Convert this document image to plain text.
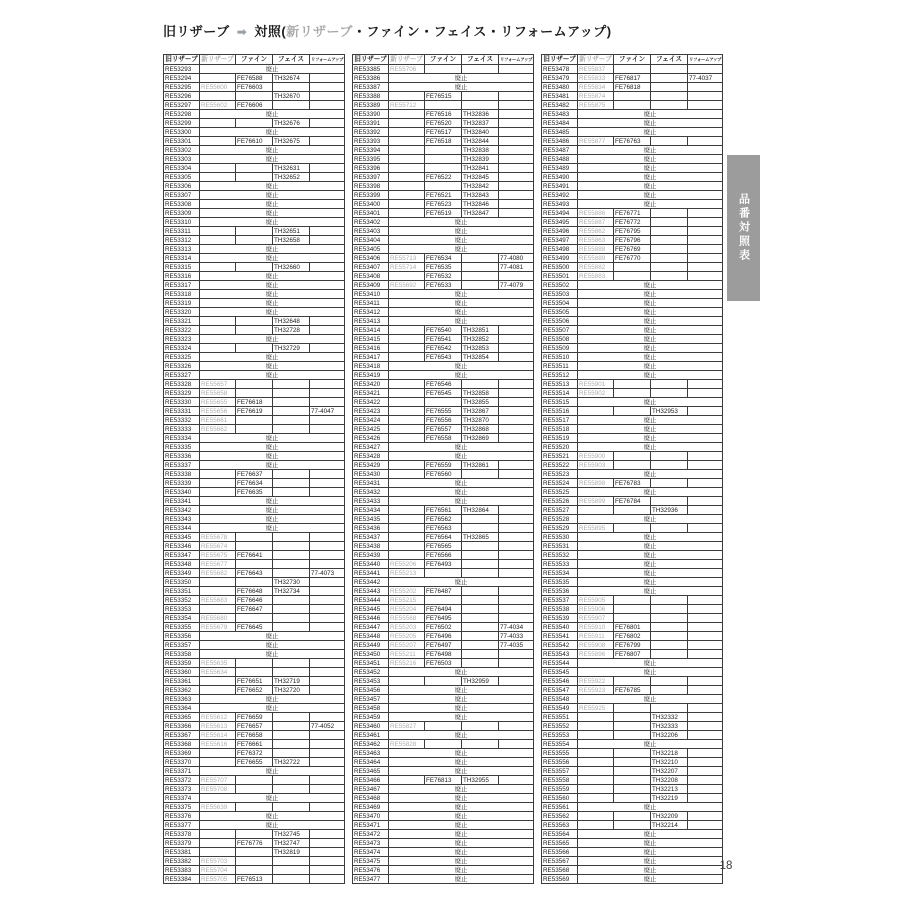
旧リザーブ ➡ 対照(新リザーブ・ファイン・フェイス・リフォームアップ)
旧リザーブ	新リザーブ	ファイン	フェイス	リフォームアップ
RE53293	廃止			
RE53294		FE76588	TH32674	
RE53295	RE55600	FE76603		
RE53296			TH32670	
RE53297	RE55602	FE76606		
RE53298	廃止			
RE53299			TH32676	
RE53300	廃止			
RE53301		FE76610	TH32675	
RE53302	廃止			
RE53303	廃止			
RE53304			TH32631	
RE53305			TH32652	
RE53306	廃止			
RE53307	廃止			
RE53308	廃止			
RE53309	廃止			
RE53310	廃止			
RE53311			TH32651	
RE53312			TH32658	
RE53313	廃止			
RE53314	廃止			
RE53315			TH32660	
RE53316	廃止			
RE53317	廃止			
RE53318	廃止			
RE53319	廃止			
RE53320	廃止			
RE53321			TH32648	
RE53322			TH32728	
RE53323	廃止			
RE53324			TH32729	
RE53325	廃止			
RE53326	廃止			
RE53327	廃止			
RE53328	RE55657			
RE53329	RE55658			
RE53330	RE55655	FE76618		
RE53331	RE55656	FE76619		77-4047
RE53332	RE55661			
RE53333	RE55662			
RE53334	廃止			
RE53335	廃止			
RE53336	廃止			
RE53337	廃止			
RE53338		FE76637		
RE53339		FE76634		
RE53340		FE76635		
RE53341	廃止			
RE53342	廃止			
RE53343	廃止			
RE53344	廃止			
RE53345	RE55678			
RE53346	RE55674			
RE53347	RE55675	FE76641		
RE53348	RE55677			
RE53349	RE55682	FE76643		77-4073
RE53350			TH32730	
RE53351		FE76648	TH32734	
RE53352	RE55683	FE76646		
RE53353		FE76647		
RE53354	RE55680			
RE53355	RE55679	FE76645		
RE53356	廃止			
RE53357	廃止			
RE53358	廃止			
RE53359	RE55635			
RE53360	RE55634			
RE53361		FE76651	TH32719	
RE53362		FE76652	TH32720	
RE53363	廃止			
RE53364	廃止			
RE53365	RE55612	FE76659		
RE53366	RE55613	FE76657		77-4052
RE53367	RE55614	FE76658		
RE53368	RE55616	FE76661		
RE53369		FE76372		
RE53370		FE76655	TH32722	
RE53371	廃止			
RE53372	RE55707			
RE53373	RE55708			
RE53374	廃止			
RE53375	RE55639			
RE53376	廃止			
RE53377	廃止			
RE53378			TH32745	
RE53379		FE76776	TH32747	
RE53381			TH32819	
RE53382	RE55703			
RE53383	RE55704			
RE53384	RE55705	FE76513		
旧リザーブ	新リザーブ	ファイン	フェイス	リフォームアップ
RE53385	RE55706			
RE53386	廃止			
RE53387	廃止			
RE53388		FE76515		
RE53389	RE55712			
RE53390		FE76516	TH32836	
RE53391		FE76520	TH32837	
RE53392		FE76517	TH32840	
RE53393		FE76518	TH32844	
RE53394			TH32838	
RE53395			TH32839	
RE53396			TH32841	
RE53397		FE76522	TH32845	
RE53398			TH32842	
RE53399		FE76521	TH32843	
RE53400		FE76523	TH32846	
RE53401		FE76519	TH32847	
RE53402	廃止			
RE53403	廃止			
RE53404	廃止			
RE53405	廃止			
RE53406	RE55713	FE76534		77-4080
RE53407	RE55714	FE76535		77-4081
RE53408		FE76532		
RE53409	RE55692	FE76533		77-4079
RE53410	廃止			
RE53411	廃止			
RE53412	廃止			
RE53413	廃止			
RE53414		FE76540	TH32851	
RE53415		FE76541	TH32852	
RE53416		FE76542	TH32853	
RE53417		FE76543	TH32854	
RE53418	廃止			
RE53419	廃止			
RE53420		FE76546		
RE53421		FE76545	TH32858	
RE53422			TH32855	
RE53423		FE76555	TH32867	
RE53424		FE76556	TH32870	
RE53425		FE76557	TH32868	
RE53426		FE76558	TH32869	
RE53427	廃止			
RE53428	廃止			
RE53429		FE76559	TH32861	
RE53430		FE76560		
RE53431	廃止			
RE53432	廃止			
RE53433	廃止			
RE53434		FE76561	TH32864	
RE53435		FE76562		
RE53436		FE76563		
RE53437		FE76564	TH32865	
RE53438		FE76565		
RE53439		FE76566		
RE53440	RE55206	FE76493		
RE53441	RE55213			
RE53442	廃止			
RE53443	RE55202	FE76487		
RE53444	RE55215			
RE53445	RE55204	FE76494		
RE53446	RE55568	FE76495		
RE53447	RE55203	FE76502		77-4034
RE53448	RE55205	FE76496		77-4033
RE53449	RE55207	FE76497		77-4035
RE53450	RE55211	FE76498		
RE53451	RE55216	FE76503		
RE53452	廃止			
RE53453			TH32959	
RE53456	廃止			
RE53457	廃止			
RE53458	廃止			
RE53459	廃止			
RE53460	RE55827			
RE53461	廃止			
RE53462	RE55828			
RE53463	廃止			
RE53464	廃止			
RE53465	廃止			
RE53466		FE76813	TH32955	
RE53467	廃止			
RE53468	廃止			
RE53469	廃止			
RE53470	廃止			
RE53471	廃止			
RE53472	廃止			
RE53473	廃止			
RE53474	廃止			
RE53475	廃止			
RE53476	廃止			
RE53477	廃止			
旧リザーブ	新リザーブ	ファイン	フェイス	リフォームアップ
RE53478	RE55837			
RE53479	RE55833	FE76817		77-4037
RE53480	RE55834	FE76818		
RE53481	RE55874			
RE53482	RE55875			
RE53483	廃止			
RE53484	廃止			
RE53485	廃止			
RE53486	RE55877	FE76763		
RE53487	廃止			
RE53488	廃止			
RE53489	廃止			
RE53490	廃止			
RE53491	廃止			
RE53492	廃止			
RE53493	廃止			
RE53494	RE55886	FE76771		
RE53495	RE55887	FE76772		
RE53496	RE55862	FE76795		
RE53497	RE55863	FE76796		
RE53498	RE55888	FE76769		
RE53499	RE55889	FE76770		
RE53500	RE55882			
RE53501	RE55883			
RE53502	廃止			
RE53503	廃止			
RE53504	廃止			
RE53505	廃止			
RE53506	廃止			
RE53507	廃止			
RE53508	廃止			
RE53509	廃止			
RE53510	廃止			
RE53511	廃止			
RE53512	廃止			
RE53513	RE55901			
RE53514	RE55902			
RE53515	廃止			
RE53516			TH32953	
RE53517	廃止			
RE53518	廃止			
RE53519	廃止			
RE53520	廃止			
RE53521	RE55900			
RE53522	RE55903			
RE53523	廃止			
RE53524	RE55898	FE76783		
RE53525	廃止			
RE53526	RE55899	FE76784		
RE53527			TH32936	
RE53528	廃止			
RE53529	RE55895			
RE53530	廃止			
RE53531	廃止			
RE53532	廃止			
RE53533	廃止			
RE53534	廃止			
RE53535	廃止			
RE53536	廃止			
RE53537	RE55905			
RE53538	RE55906			
RE53539	RE55907			
RE53540	RE55910	FE76801		
RE53541	RE55911	FE76802		
RE53542	RE55908	FE76799		
RE53543	RE55896	FE76807		
RE53544	廃止			
RE53545	廃止			
RE53546	RE55922			
RE53547	RE55923	FE76785		
RE53548	廃止			
RE53549	RE55925			
RE53551			TH32332	
RE53552			TH32333	
RE53553			TH32206	
RE53554	廃止			
RE53555			TH32218	
RE53556			TH32210	
RE53557			TH32207	
RE53558			TH32208	
RE53559			TH32213	
RE53560			TH32219	
RE53561	廃止			
RE53562			TH32209	
RE53563			TH32214	
RE53564	廃止			
RE53565	廃止			
RE53566	廃止			
RE53567	廃止			
RE53568	廃止			
RE53569	廃止			
品番対照表
18
